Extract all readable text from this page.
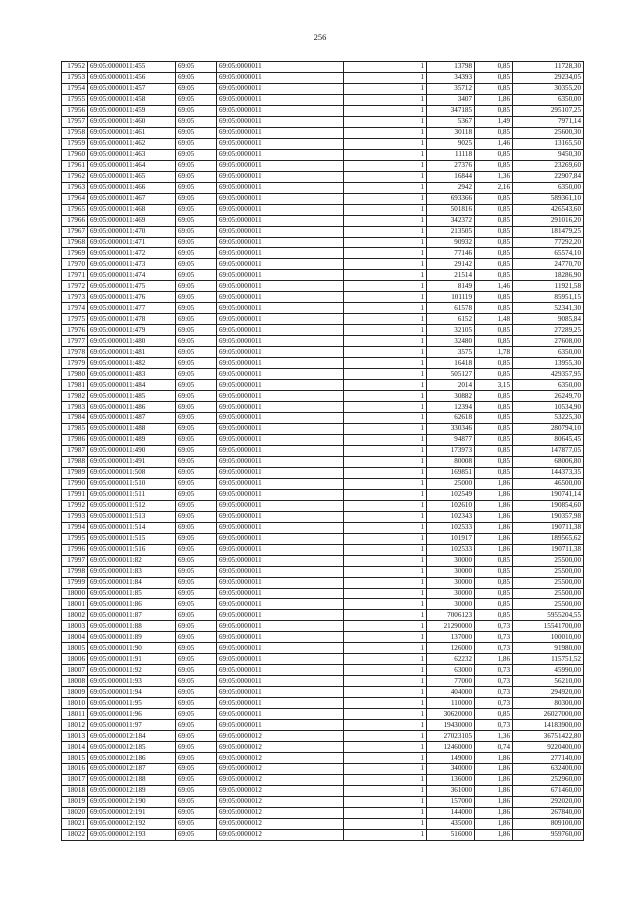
256
17952	69:05:0000011:455	69:05	69:05:0000011	1	13798	0,85	11728,30
17953	69:05:0000011:456	69:05	69:05:0000011	1	34393	0,85	29234,05
17954	69:05:0000011:457	69:05	69:05:0000011	1	35712	0,85	30355,20
17955	69:05:0000011:458	69:05	69:05:0000011	1	3407	1,86	6350,00
17956	69:05:0000011:459	69:05	69:05:0000011	1	347185	0,85	295107,25
17957	69:05:0000011:460	69:05	69:05:0000011	1	5367	1,49	7971,14
17958	69:05:0000011:461	69:05	69:05:0000011	1	30118	0,85	25600,30
17959	69:05:0000011:462	69:05	69:05:0000011	1	9025	1,46	13165,50
17960	69:05:0000011:463	69:05	69:05:0000011	1	11118	0,85	9450,30
17961	69:05:0000011:464	69:05	69:05:0000011	1	27376	0,85	23269,60
17962	69:05:0000011:465	69:05	69:05:0000011	1	16844	1,36	22907,84
17963	69:05:0000011:466	69:05	69:05:0000011	1	2942	2,16	6350,00
17964	69:05:0000011:467	69:05	69:05:0000011	1	693366	0,85	589361,10
17965	69:05:0000011:468	69:05	69:05:0000011	1	501816	0,85	426543,60
17966	69:05:0000011:469	69:05	69:05:0000011	1	342372	0,85	291016,20
17967	69:05:0000011:470	69:05	69:05:0000011	1	213505	0,85	181479,25
17968	69:05:0000011:471	69:05	69:05:0000011	1	90932	0,85	77292,20
17969	69:05:0000011:472	69:05	69:05:0000011	1	77146	0,85	65574,10
17970	69:05:0000011:473	69:05	69:05:0000011	1	29142	0,85	24770,70
17971	69:05:0000011:474	69:05	69:05:0000011	1	21514	0,85	18286,90
17972	69:05:0000011:475	69:05	69:05:0000011	1	8149	1,46	11921,58
17973	69:05:0000011:476	69:05	69:05:0000011	1	101119	0,85	85951,15
17974	69:05:0000011:477	69:05	69:05:0000011	1	61578	0,85	52341,30
17975	69:05:0000011:478	69:05	69:05:0000011	1	6152	1,48	9085,84
17976	69:05:0000011:479	69:05	69:05:0000011	1	32105	0,85	27289,25
17977	69:05:0000011:480	69:05	69:05:0000011	1	32480	0,85	27608,00
17978	69:05:0000011:481	69:05	69:05:0000011	1	3575	1,78	6350,00
17979	69:05:0000011:482	69:05	69:05:0000011	1	16418	0,85	13955,30
17980	69:05:0000011:483	69:05	69:05:0000011	1	505127	0,85	429357,95
17981	69:05:0000011:484	69:05	69:05:0000011	1	2014	3,15	6350,00
17982	69:05:0000011:485	69:05	69:05:0000011	1	30882	0,85	26249,70
17983	69:05:0000011:486	69:05	69:05:0000011	1	12394	0,85	10534,90
17984	69:05:0000011:487	69:05	69:05:0000011	1	62618	0,85	53225,30
17985	69:05:0000011:488	69:05	69:05:0000011	1	330346	0,85	280794,10
17986	69:05:0000011:489	69:05	69:05:0000011	1	94877	0,85	80645,45
17987	69:05:0000011:490	69:05	69:05:0000011	1	173973	0,85	147877,05
17988	69:05:0000011:491	69:05	69:05:0000011	1	80008	0,85	68006,80
17989	69:05:0000011:508	69:05	69:05:0000011	1	169851	0,85	144373,35
17990	69:05:0000011:510	69:05	69:05:0000011	1	25000	1,86	46500,00
17991	69:05:0000011:511	69:05	69:05:0000011	1	102549	1,86	190741,14
17992	69:05:0000011:512	69:05	69:05:0000011	1	102610	1,86	190854,60
17993	69:05:0000011:513	69:05	69:05:0000011	1	102343	1,86	190357,98
17994	69:05:0000011:514	69:05	69:05:0000011	1	102533	1,86	190711,38
17995	69:05:0000011:515	69:05	69:05:0000011	1	101917	1,86	189565,62
17996	69:05:0000011:516	69:05	69:05:0000011	1	102533	1,86	190711,38
17997	69:05:0000011:82	69:05	69:05:0000011	1	30000	0,85	25500,00
17998	69:05:0000011:83	69:05	69:05:0000011	1	30000	0,85	25500,00
17999	69:05:0000011:84	69:05	69:05:0000011	1	30000	0,85	25500,00
18000	69:05:0000011:85	69:05	69:05:0000011	1	30000	0,85	25500,00
18001	69:05:0000011:86	69:05	69:05:0000011	1	30000	0,85	25500,00
18002	69:05:0000011:87	69:05	69:05:0000011	1	7006123	0,85	5955204,55
18003	69:05:0000011:88	69:05	69:05:0000011	1	21290000	0,73	15541700,00
18004	69:05:0000011:89	69:05	69:05:0000011	1	137000	0,73	100010,00
18005	69:05:0000011:90	69:05	69:05:0000011	1	126000	0,73	91980,00
18006	69:05:0000011:91	69:05	69:05:0000011	1	62232	1,86	115751,52
18007	69:05:0000011:92	69:05	69:05:0000011	1	63000	0,73	45990,00
18008	69:05:0000011:93	69:05	69:05:0000011	1	77000	0,73	56210,00
18009	69:05:0000011:94	69:05	69:05:0000011	1	404000	0,73	294920,00
18010	69:05:0000011:95	69:05	69:05:0000011	1	110000	0,73	80300,00
18011	69:05:0000011:96	69:05	69:05:0000011	1	30620000	0,85	26027000,00
18012	69:05:0000011:97	69:05	69:05:0000011	1	19430000	0,73	14183900,00
18013	69:05:0000012:184	69:05	69:05:0000012	1	27023105	1,36	36751422,80
18014	69:05:0000012:185	69:05	69:05:0000012	1	12460000	0,74	9220400,00
18015	69:05:0000012:186	69:05	69:05:0000012	1	149000	1,86	277140,00
18016	69:05:0000012:187	69:05	69:05:0000012	1	340000	1,86	632400,00
18017	69:05:0000012:188	69:05	69:05:0000012	1	136000	1,86	252960,00
18018	69:05:0000012:189	69:05	69:05:0000012	1	361000	1,86	671460,00
18019	69:05:0000012:190	69:05	69:05:0000012	1	157000	1,86	292020,00
18020	69:05:0000012:191	69:05	69:05:0000012	1	144000	1,86	267840,00
18021	69:05:0000012:192	69:05	69:05:0000012	1	435000	1,86	809100,00
18022	69:05:0000012:193	69:05	69:05:0000012	1	516000	1,86	959760,00
